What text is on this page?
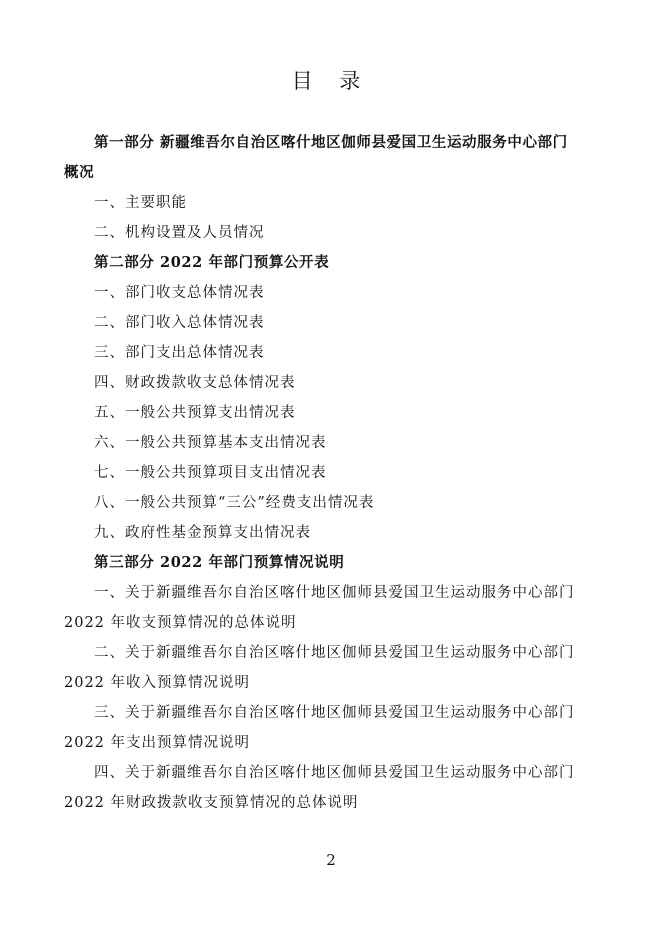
目 录
第一部分 新疆维吾尔自治区喀什地区伽师县爱国卫生运动服务中心部门
概况
一、主要职能
二、机构设置及人员情况
第二部分 2022 年部门预算公开表
一、部门收支总体情况表
二、部门收入总体情况表
三、部门支出总体情况表
四、财政拨款收支总体情况表
五、一般公共预算支出情况表
六、一般公共预算基本支出情况表
七、一般公共预算项目支出情况表
八、一般公共预算“三公”经费支出情况表
九、政府性基金预算支出情况表
第三部分 2022 年部门预算情况说明
一、关于新疆维吾尔自治区喀什地区伽师县爱国卫生运动服务中心部门
2022 年收支预算情况的总体说明
二、关于新疆维吾尔自治区喀什地区伽师县爱国卫生运动服务中心部门
2022 年收入预算情况说明
三、关于新疆维吾尔自治区喀什地区伽师县爱国卫生运动服务中心部门
2022 年支出预算情况说明
四、关于新疆维吾尔自治区喀什地区伽师县爱国卫生运动服务中心部门
2022 年财政拨款收支预算情况的总体说明
2
